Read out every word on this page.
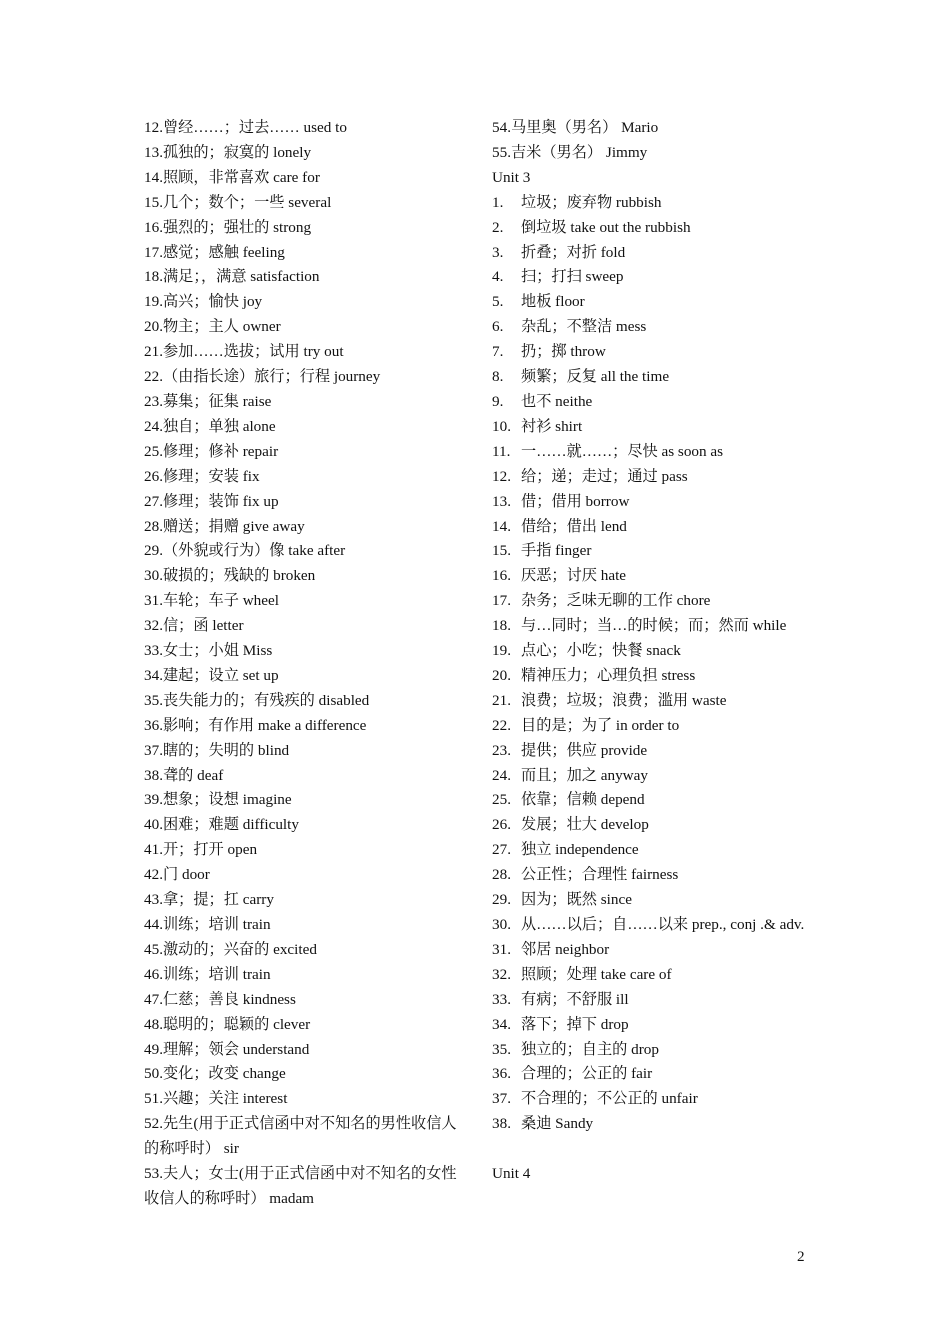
12.曾经……；过去…… used to
13.孤独的；寂寞的 lonely
14.照顾，非常喜欢 care for
15.几个；数个；一些 several
16.强烈的；强壮的 strong
17.感觉；感触 feeling
18.满足；，满意 satisfaction
19.高兴；愉快 joy
20.物主；主人 owner
21.参加……选拔；试用 try out
22.（由指长途）旅行；行程 journey
23.募集；征集 raise
24.独自；单独 alone
25.修理；修补 repair
26.修理；安装 fix
27.修理；装饰 fix up
28.赠送；捐赠 give away
29.（外貌或行为）像 take after
30.破损的；残缺的 broken
31.车轮；车子 wheel
32.信；函 letter
33.女士；小姐 Miss
34.建起；设立 set up
35.丧失能力的；有残疾的 disabled
36.影响；有作用 make a difference
37.瞎的；失明的 blind
38.聋的 deaf
39.想象；设想 imagine
40.困难；难题 difficulty
41.开；打开 open
42.门 door
43.拿；提；扛 carry
44.训练；培训 train
45.激动的；兴奋的 excited
46.训练；培训 train
47.仁慈；善良 kindness
48.聪明的；聪颖的 clever
49.理解；领会 understand
50.变化；改变 change
51.兴趣；关注 interest
52.先生(用于正式信函中对不知名的男性收信人的称呼时） sir
53.夫人；女士(用于正式信函中对不知名的女性收信人的称呼时） madam
54.马里奥（男名） Mario
55.吉米（男名） Jimmy
Unit 3
1.	垃圾；废弃物 rubbish
2.	倒垃圾 take out the rubbish
3.	折叠；对折 fold
4.	扫；打扫 sweep
5.	地板 floor
6.	杂乱；不整洁 mess
7.	扔；掷 throw
8.	频繁；反复 all the time
9.	也不 neithe
10. 衬衫 shirt
11. 一……就……；尽快 as soon as
12. 给；递；走过；通过 pass
13. 借；借用 borrow
14. 借给；借出 lend
15. 手指 finger
16. 厌恶；讨厌 hate
17. 杂务；乏味无聊的工作 chore
18. 与…同时；当…的时候；而；然而 while
19. 点心；小吃；快餐 snack
20. 精神压力；心理负担 stress
21. 浪费；垃圾；浪费；滥用 waste
22. 目的是；为了 in order to
23. 提供；供应 provide
24. 而且；加之 anyway
25. 依靠；信赖 depend
26. 发展；壮大 develop
27. 独立 independence
28. 公正性；合理性 fairness
29. 因为；既然 since
30. 从……以后；自……以来 prep., conj .& adv.
31. 邻居 neighbor
32. 照顾；处理 take care of
33. 有病；不舒服 ill
34. 落下；掉下 drop
35. 独立的；自主的 drop
36. 合理的；公正的 fair
37. 不合理的；不公正的 unfair
38. 桑迪 Sandy
Unit 4
2
